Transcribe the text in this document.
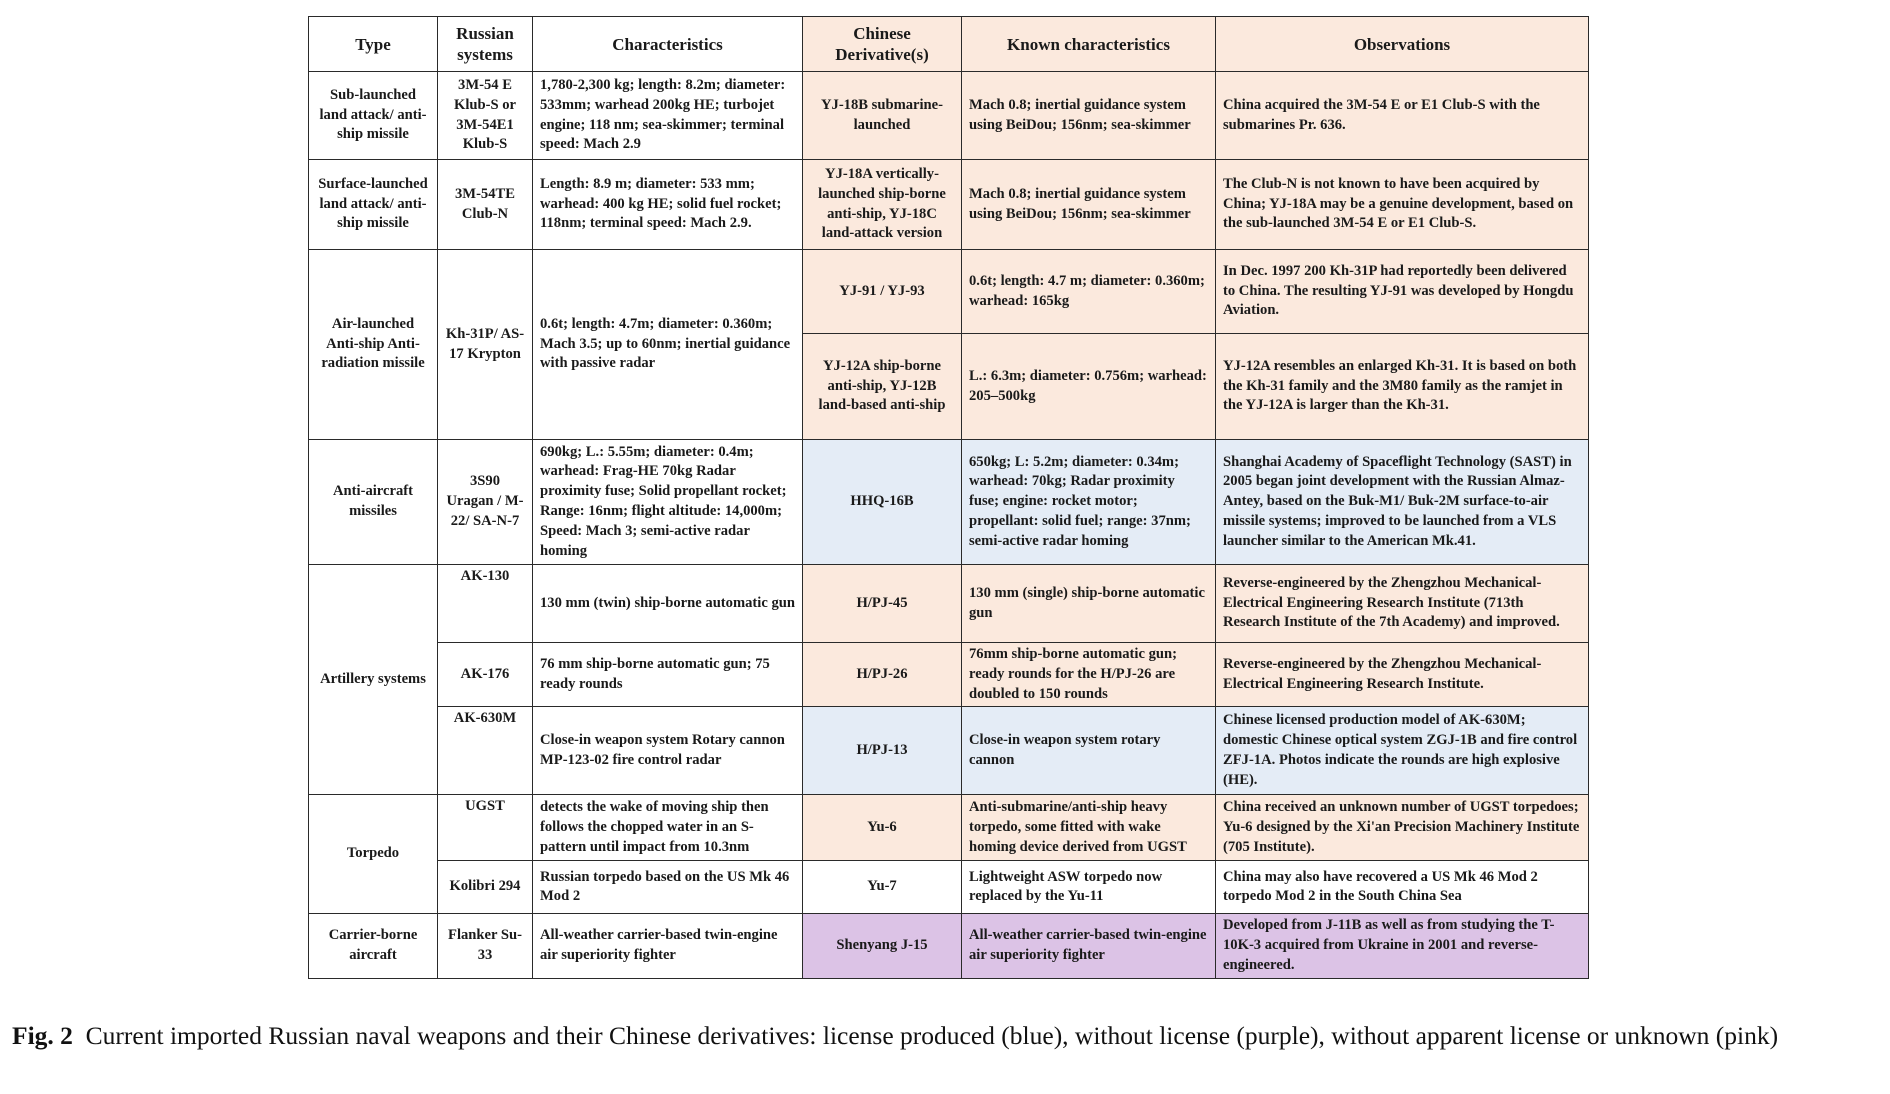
Type	Russian systems	Characteristics	Chinese Derivative(s)	Known characteristics	Observations
Sub-launched land attack/ anti-ship missile	3M-54 E Klub-S or 3M-54E1 Klub-S	1,780-2,300 kg; length: 8.2m; diameter: 533mm; warhead 200kg HE; turbojet engine; 118 nm; sea-skimmer; terminal speed: Mach 2.9	YJ-18B submarine-launched	Mach 0.8; inertial guidance system using BeiDou; 156nm; sea-skimmer	China acquired the 3M-54 E or E1 Club-S with the submarines Pr. 636.
Surface-launched land attack/ anti-ship missile	3M-54TE Club-N	Length: 8.9 m; diameter: 533 mm; warhead: 400 kg HE; solid fuel rocket; 118nm; terminal speed: Mach 2.9.	YJ-18A vertically-launched ship-borne anti-ship, YJ-18C land-attack version	Mach 0.8; inertial guidance system using BeiDou; 156nm; sea-skimmer	The Club-N is not known to have been acquired by China; YJ-18A may be a genuine development, based on the sub-launched 3M-54 E or E1 Club-S.
Air-launched Anti-ship Anti-radiation missile	Kh-31P/ AS-17 Krypton	0.6t; length: 4.7m; diameter: 0.360m; Mach 3.5; up to 60nm; inertial guidance with passive radar	YJ-91 / YJ-93	0.6t; length: 4.7 m; diameter: 0.360m; warhead: 165kg	In Dec. 1997 200 Kh-31P had reportedly been delivered to China. The resulting YJ-91 was developed by Hongdu Aviation.
			YJ-12A ship-borne anti-ship, YJ-12B land-based anti-ship	L.: 6.3m; diameter: 0.756m; warhead: 205–500kg	YJ-12A resembles an enlarged Kh-31. It is based on both the Kh-31 family and the 3M80 family as the ramjet in the YJ-12A is larger than the Kh-31.
Anti-aircraft missiles	3S90 Uragan / M-22/ SA-N-7	690kg; L.: 5.55m; diameter: 0.4m; warhead: Frag-HE 70kg Radar proximity fuse; Solid propellant rocket; Range: 16nm; flight altitude: 14,000m; Speed: Mach 3; semi-active radar homing	HHQ-16B	650kg; L: 5.2m; diameter: 0.34m; warhead: 70kg; Radar proximity fuse; engine: rocket motor; propellant: solid fuel; range: 37nm; semi-active radar homing	Shanghai Academy of Spaceflight Technology (SAST) in 2005 began joint development with the Russian Almaz-Antey, based on the Buk-M1/ Buk-2M surface-to-air missile systems; improved to be launched from a VLS launcher similar to the American Mk.41.
Artillery systems	AK-130	130 mm (twin) ship-borne automatic gun	H/PJ-45	130 mm (single) ship-borne automatic gun	Reverse-engineered by the Zhengzhou Mechanical-Electrical Engineering Research Institute (713th Research Institute of the 7th Academy) and improved.
	AK-176	76 mm ship-borne automatic gun; 75 ready rounds	H/PJ-26	76mm ship-borne automatic gun; ready rounds for the H/PJ-26 are doubled to 150 rounds	Reverse-engineered by the Zhengzhou Mechanical-Electrical Engineering Research Institute.
	AK-630M	Close-in weapon system Rotary cannon MP-123-02 fire control radar	H/PJ-13	Close-in weapon system rotary cannon	Chinese licensed production model of AK-630M; domestic Chinese optical system ZGJ-1B and fire control ZFJ-1A. Photos indicate the rounds are high explosive (HE).
Torpedo	UGST	detects the wake of moving ship then follows the chopped water in an S-pattern until impact from 10.3nm	Yu-6	Anti-submarine/anti-ship heavy torpedo, some fitted with wake homing device derived from UGST	China received an unknown number of UGST torpedoes; Yu-6 designed by the Xi'an Precision Machinery Institute (705 Institute).
	Kolibri 294	Russian torpedo based on the US Mk 46 Mod 2	Yu-7	Lightweight ASW torpedo now replaced by the Yu-11	China may also have recovered a US Mk 46 Mod 2 torpedo Mod 2 in the South China Sea
Carrier-borne aircraft	Flanker Su-33	All-weather carrier-based twin-engine air superiority fighter	Shenyang J-15	All-weather carrier-based twin-engine air superiority fighter	Developed from J-11B as well as from studying the T-10K-3 acquired from Ukraine in 2001 and reverse-engineered.
Fig. 2 Current imported Russian naval weapons and their Chinese derivatives: license produced (blue), without license (purple), without apparent license or unknown (pink)
